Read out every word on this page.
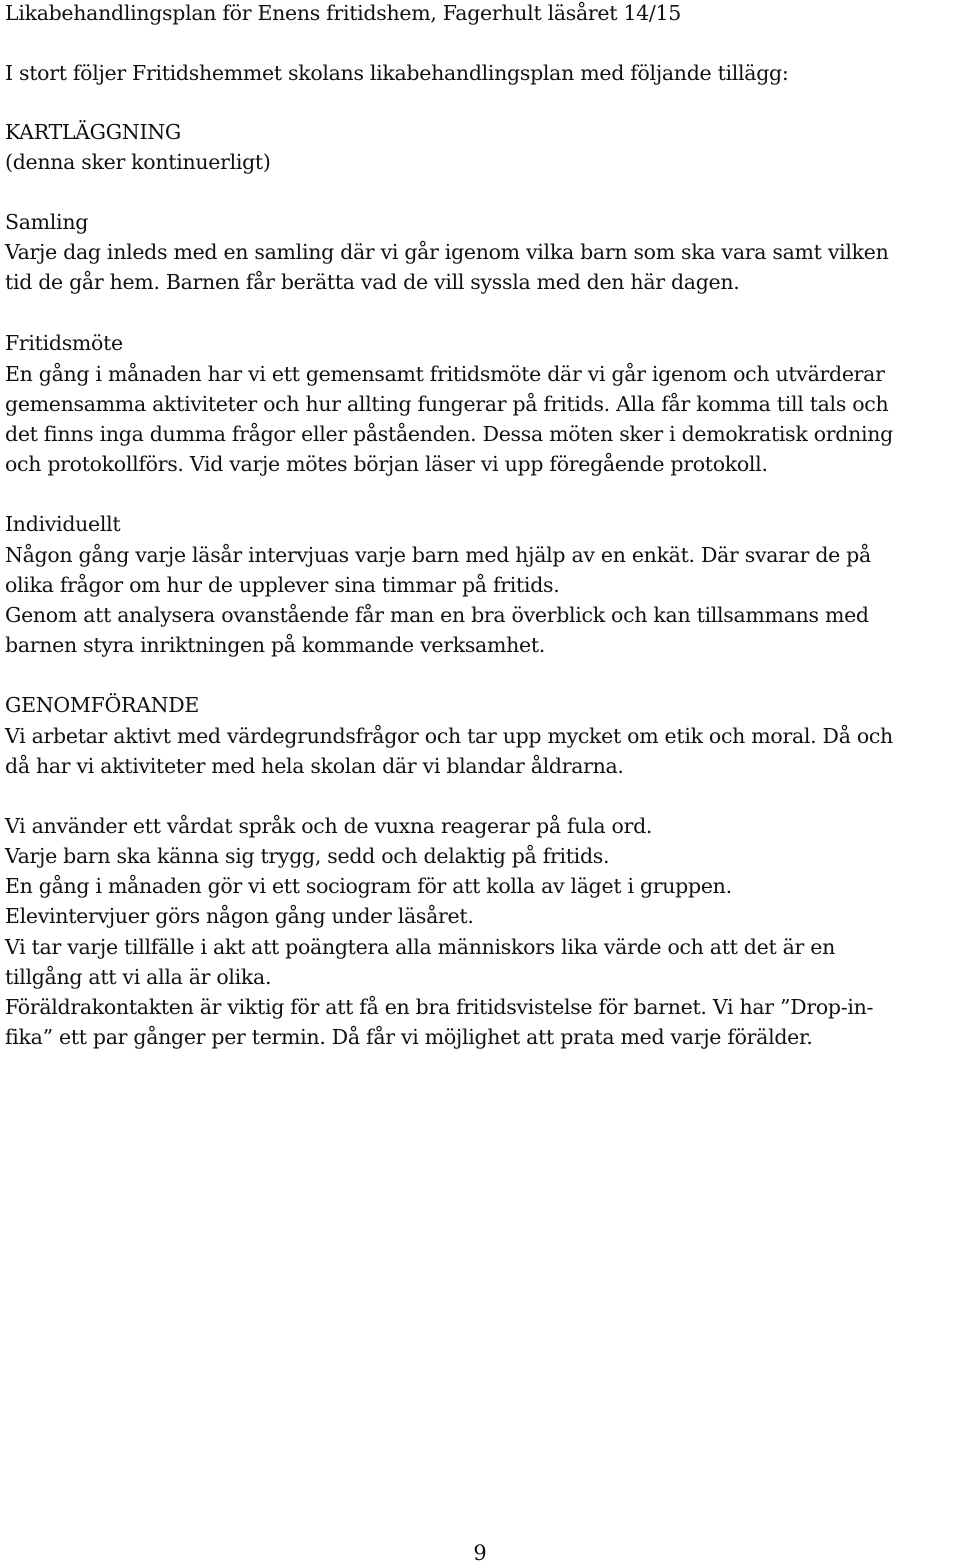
Likabehandlingsplan för Enens fritidshem, Fagerhult läsåret 14/15
I stort följer Fritidshemmet skolans likabehandlingsplan med följande tillägg:
KARTLÄGGNING
(denna sker kontinuerligt)
Samling
Varje dag inleds med en samling där vi går igenom vilka barn som ska vara samt vilken
tid de går hem. Barnen får berätta vad de vill syssla med den här dagen.
Fritidsmöte
En gång i månaden har vi ett gemensamt fritidsmöte där vi går igenom och utvärderar
gemensamma aktiviteter och hur allting fungerar på fritids. Alla får komma till tals och
det finns inga dumma frågor eller påståenden. Dessa möten sker i demokratisk ordning
och protokollförs. Vid varje mötes början läser vi upp föregående protokoll.
Individuellt
Någon gång varje läsår intervjuas varje barn med hjälp av en enkät. Där svarar de på
olika frågor om hur de upplever sina timmar på fritids.
Genom att analysera ovanstående får man en bra överblick och kan tillsammans med
barnen styra inriktningen på kommande verksamhet.
GENOMFÖRANDE
Vi arbetar aktivt med värdegrundsfrågor och tar upp mycket om etik och moral. Då och
då har vi aktiviteter med hela skolan där vi blandar åldrarna.
Vi använder ett vårdat språk och de vuxna reagerar på fula ord.
Varje barn ska känna sig trygg, sedd och delaktig på fritids.
En gång i månaden gör vi ett sociogram för att kolla av läget i gruppen.
Elevintervjuer görs någon gång under läsåret.
Vi tar varje tillfälle i akt att poängtera alla människors lika värde och att det är en
tillgång att vi alla är olika.
Föräldrakontakten är viktig för att få en bra fritidsvistelse för barnet. Vi har ”Drop-in-
fika” ett par gånger per termin. Då får vi möjlighet att prata med varje förälder.
9
